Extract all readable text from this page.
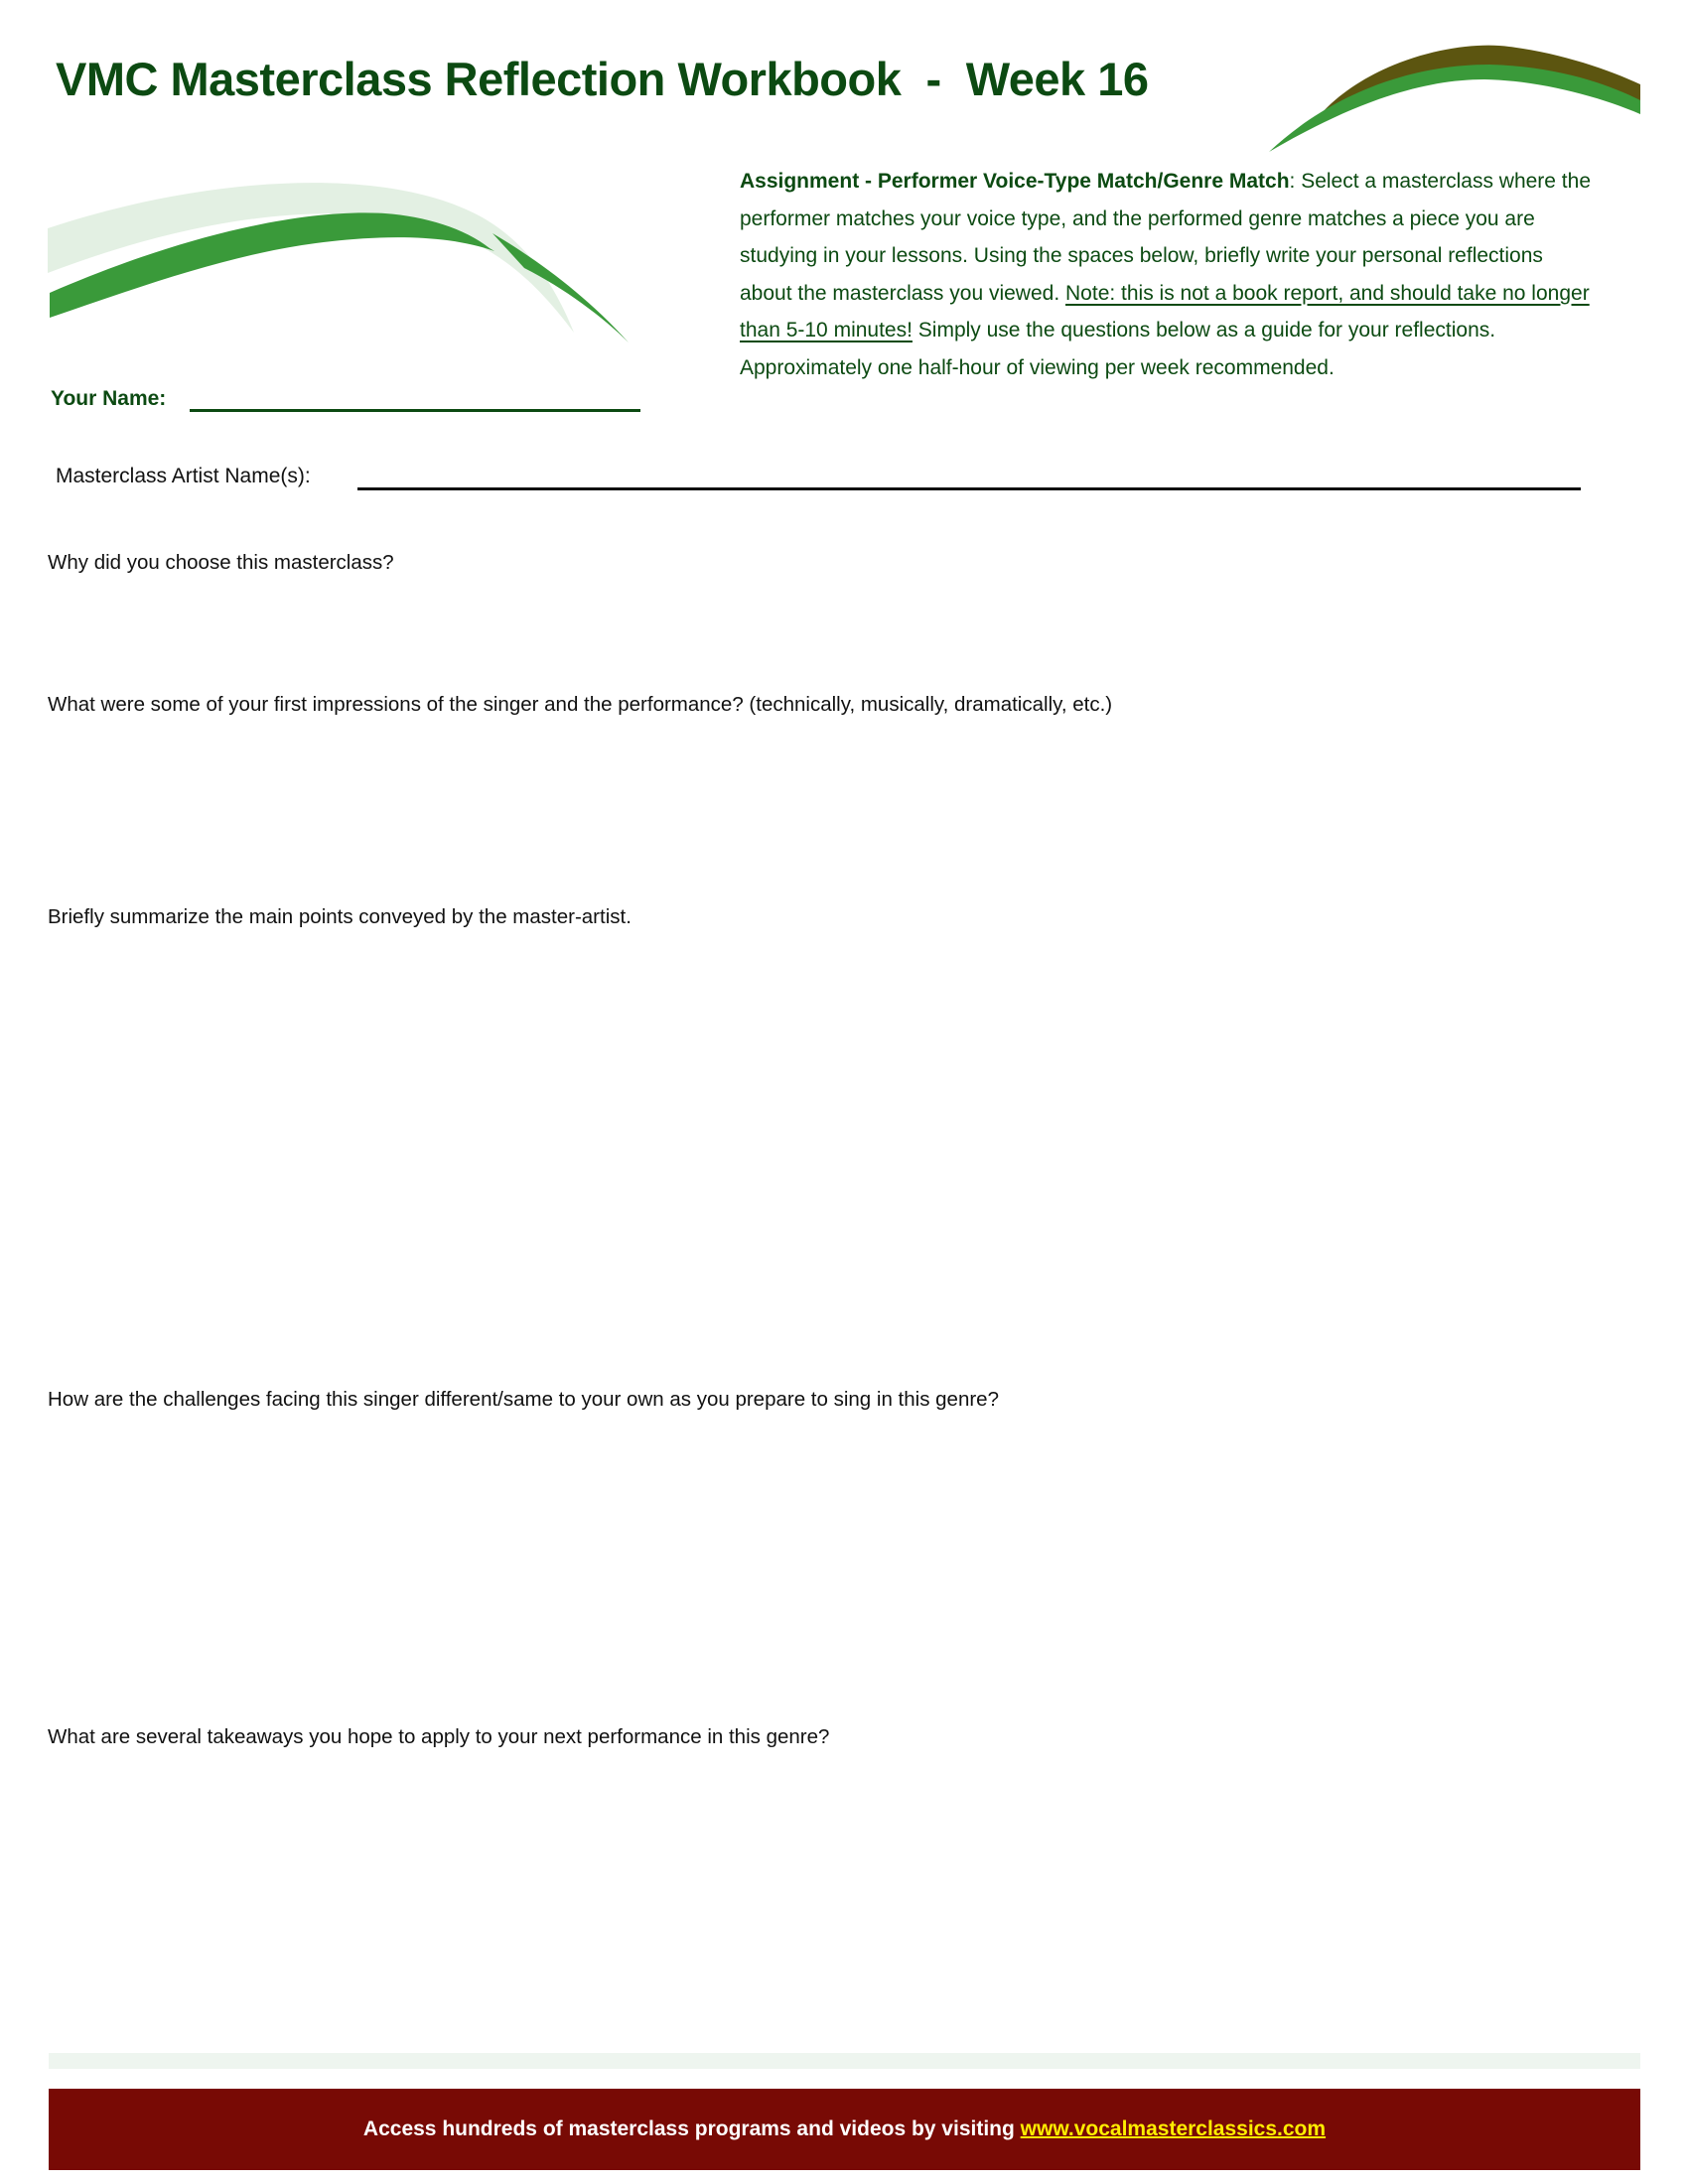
VMC Masterclass Reflection Workbook  -  Week 16
Assignment - Performer Voice-Type Match/Genre Match: Select a masterclass where the performer matches your voice type, and the performed genre matches a piece you are studying in your lessons. Using the spaces below, briefly write your personal reflections about the masterclass you viewed. Note: this is not a book report, and should take no longer than 5-10 minutes! Simply use the questions below as a guide for your reflections. Approximately one half-hour of viewing per week recommended.
Your Name:
Masterclass Artist Name(s):
Why did you choose this masterclass?
What were some of your first impressions of the singer and the performance? (technically, musically, dramatically, etc.)
Briefly summarize the main points conveyed by the master-artist.
How are the challenges facing this singer different/same to your own as you prepare to sing in this genre?
What are several takeaways you hope to apply to your next performance in this genre?
Access hundreds of masterclass programs and videos by visiting www.vocalmasterclassics.com
